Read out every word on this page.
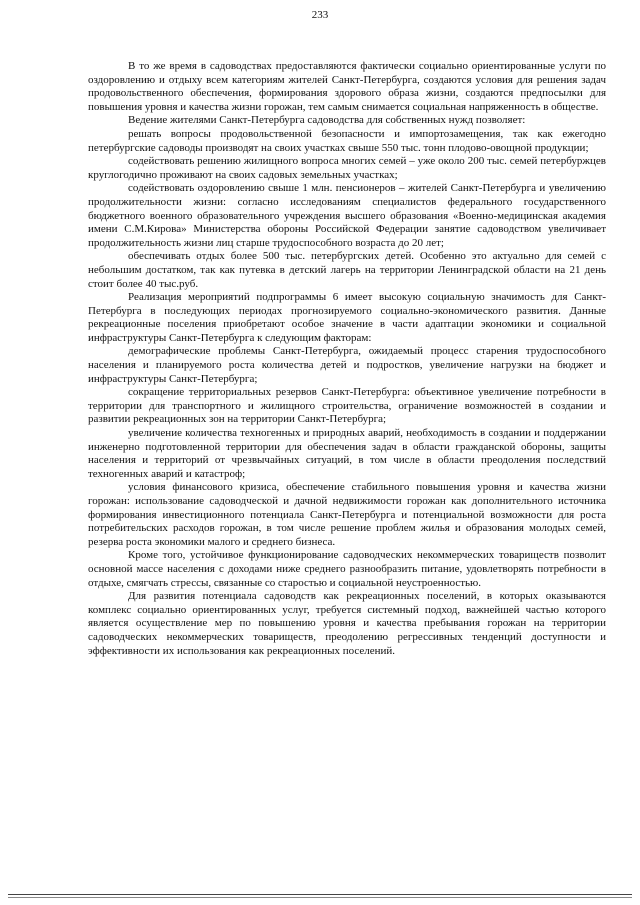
233

В то же время в садоводствах предоставляются фактически социально ориентированные услуги по оздоровлению и отдыху всем категориям жителей Санкт-Петербурга, создаются условия для решения задач продовольственного обеспечения, формирования здорового образа жизни, создаются предпосылки для повышения уровня и качества жизни горожан, тем самым снимается социальная напряженность в обществе.

Ведение жителями Санкт-Петербурга садоводства для собственных нужд позволяет:

решать вопросы продовольственной безопасности и импортозамещения, так как ежегодно петербургские садоводы производят на своих участках свыше 550 тыс. тонн плодово-овощной продукции;

содействовать решению жилищного вопроса многих семей – уже около 200 тыс. семей петербуржцев круглогодично проживают на своих садовых земельных участках;

содействовать оздоровлению свыше 1 млн. пенсионеров – жителей Санкт-Петербурга и увеличению продолжительности жизни: согласно исследованиям специалистов федерального государственного бюджетного военного образовательного учреждения высшего образования «Военно-медицинская академия имени С.М.Кирова» Министерства обороны Российской Федерации занятие садоводством увеличивает продолжительность жизни лиц старше трудоспособного возраста до 20 лет;

обеспечивать отдых более 500 тыс. петербургских детей. Особенно это актуально для семей с небольшим достатком, так как путевка в детский лагерь на территории Ленинградской области на 21 день стоит более 40 тыс.руб.

Реализация мероприятий подпрограммы 6 имеет высокую социальную значимость для Санкт-Петербурга в последующих периодах прогнозируемого социально-экономического развития. Данные рекреационные поселения приобретают особое значение в части адаптации экономики и социальной инфраструктуры Санкт-Петербурга к следующим факторам:

демографические проблемы Санкт-Петербурга, ожидаемый процесс старения трудоспособного населения и планируемого роста количества детей и подростков, увеличение нагрузки на бюджет и инфраструктуры Санкт-Петербурга;

сокращение территориальных резервов Санкт-Петербурга: объективное увеличение потребности в территории для транспортного и жилищного строительства, ограничение возможностей в создании и развитии рекреационных зон на территории Санкт-Петербурга;

увеличение количества техногенных и природных аварий, необходимость в создании и поддержании инженерно подготовленной территории для обеспечения задач в области гражданской обороны, защиты населения и территорий от чрезвычайных ситуаций, в том числе в области преодоления последствий техногенных аварий и катастроф;

условия финансового кризиса, обеспечение стабильного повышения уровня и качества жизни горожан: использование садоводческой и дачной недвижимости горожан как дополнительного источника формирования инвестиционного потенциала Санкт-Петербурга и потенциальной возможности для роста потребительских расходов горожан, в том числе решение проблем жилья и образования молодых семей, резерва роста экономики малого и среднего бизнеса.

Кроме того, устойчивое функционирование садоводческих некоммерческих товариществ позволит основной массе населения с доходами ниже среднего разнообразить питание, удовлетворять потребности в отдыхе, смягчать стрессы, связанные со старостью и социальной неустроенностью.

Для развития потенциала садоводств как рекреационных поселений, в которых оказываются комплекс социально ориентированных услуг, требуется системный подход, важнейшей частью которого является осуществление мер по повышению уровня и качества пребывания горожан на территории садоводческих некоммерческих товариществ, преодолению регрессивных тенденций доступности и эффективности их использования как рекреационных поселений.
